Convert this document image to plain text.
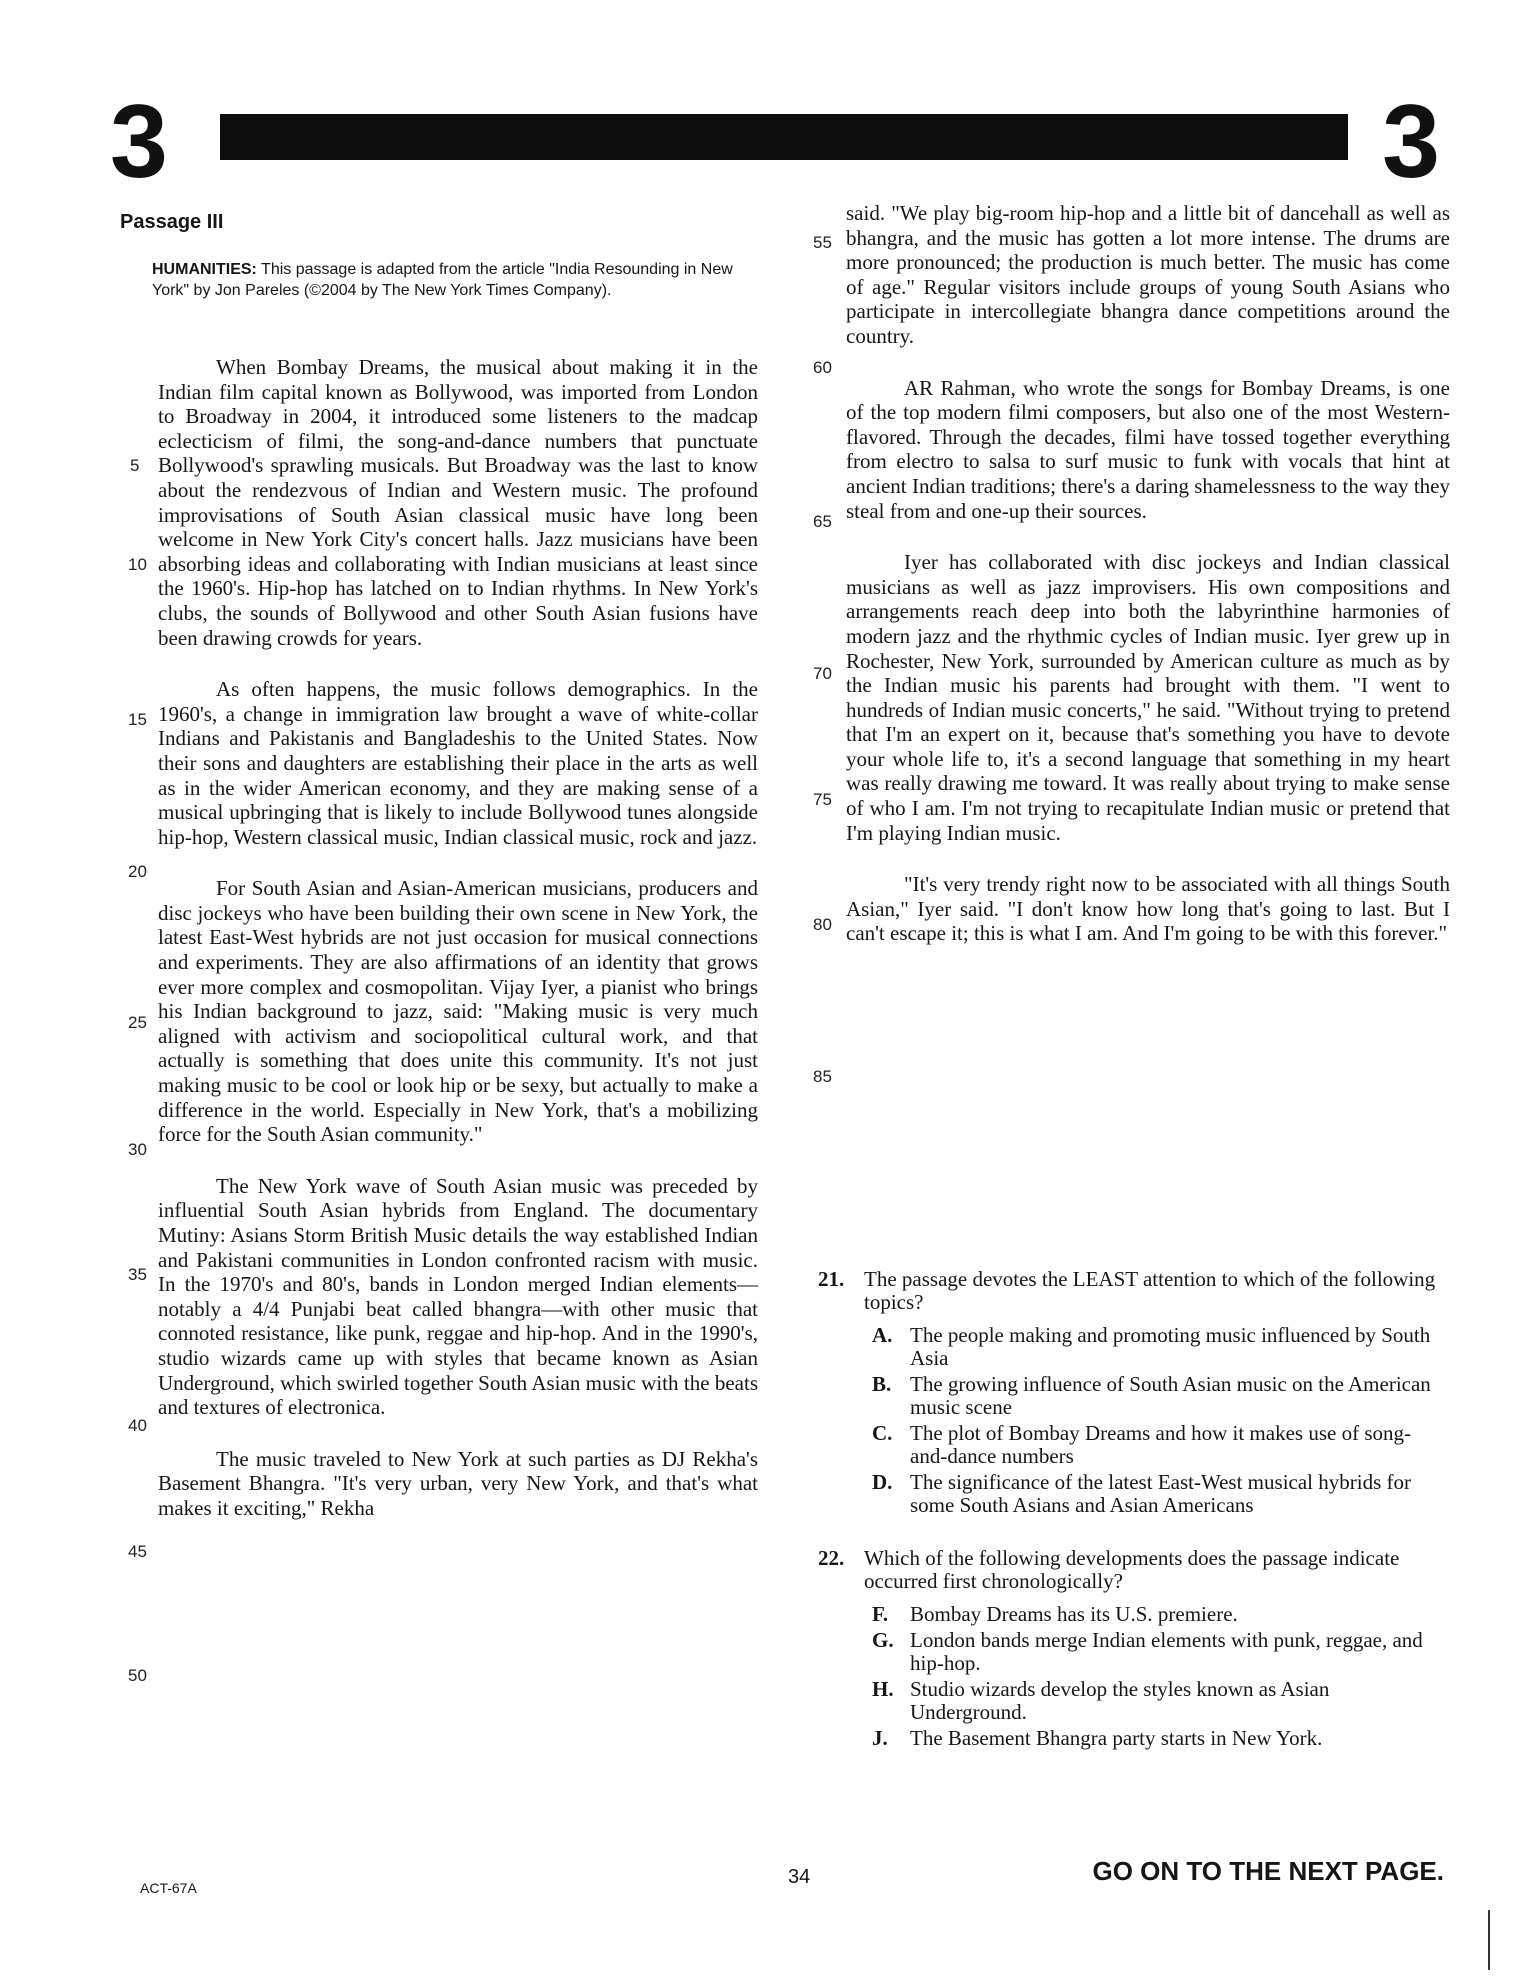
3	3
Passage III
HUMANITIES: This passage is adapted from the article "India Resounding in New York" by Jon Pareles (©2004 by The New York Times Company).

When Bombay Dreams, the musical about making it in the Indian film capital known as Bollywood, was imported from London to Broadway in 2004, it introduced some listeners to the madcap eclecticism of filmi, the song-and-dance numbers that punctuate Bollywood's sprawling musicals. But Broadway was the last to know about the rendezvous of Indian and Western music. The profound improvisations of South Asian classical music have long been welcome in New York City's concert halls. Jazz musicians have been absorbing ideas and collaborating with Indian musicians at least since the 1960's. Hip-hop has latched on to Indian rhythms. In New York's clubs, the sounds of Bollywood and other South Asian fusions have been drawing crowds for years.

As often happens, the music follows demographics. In the 1960's, a change in immigration law brought a wave of white-collar Indians and Pakistanis and Bangladeshis to the United States. Now their sons and daughters are establishing their place in the arts as well as in the wider American economy, and they are making sense of a musical upbringing that is likely to include Bollywood tunes alongside hip-hop, Western classical music, Indian classical music, rock and jazz.

For South Asian and Asian-American musicians, producers and disc jockeys who have been building their own scene in New York, the latest East-West hybrids are not just occasion for musical connections and experiments. They are also affirmations of an identity that grows ever more complex and cosmopolitan. Vijay Iyer, a pianist who brings his Indian background to jazz, said: "Making music is very much aligned with activism and sociopolitical cultural work, and that actually is something that does unite this community. It's not just making music to be cool or look hip or be sexy, but actually to make a difference in the world. Especially in New York, that's a mobilizing force for the South Asian community."

The New York wave of South Asian music was preceded by influential South Asian hybrids from England. The documentary Mutiny: Asians Storm British Music details the way established Indian and Pakistani communities in London confronted racism with music. In the 1970's and 80's, bands in London merged Indian elements—notably a 4/4 Punjabi beat called bhangra—with other music that connoted resistance, like punk, reggae and hip-hop. And in the 1990's, studio wizards came up with styles that became known as Asian Underground, which swirled together South Asian music with the beats and textures of electronica.

The music traveled to New York at such parties as DJ Rekha's Basement Bhangra. "It's very urban, very New York, and that's what makes it exciting," Rekha

said. "We play big-room hip-hop and a little bit of dancehall as well as bhangra, and the music has gotten a lot more intense. The drums are more pronounced; the production is much better. The music has come of age." Regular visitors include groups of young South Asians who participate in intercollegiate bhangra dance competitions around the country.

AR Rahman, who wrote the songs for Bombay Dreams, is one of the top modern filmi composers, but also one of the most Western-flavored. Through the decades, filmi have tossed together everything from electro to salsa to surf music to funk with vocals that hint at ancient Indian traditions; there's a daring shamelessness to the way they steal from and one-up their sources.

Iyer has collaborated with disc jockeys and Indian classical musicians as well as jazz improvisers. His own compositions and arrangements reach deep into both the labyrinthine harmonies of modern jazz and the rhythmic cycles of Indian music. Iyer grew up in Rochester, New York, surrounded by American culture as much as by the Indian music his parents had brought with them. "I went to hundreds of Indian music concerts," he said. "Without trying to pretend that I'm an expert on it, because that's something you have to devote your whole life to, it's a second language that something in my heart was really drawing me toward. It was really about trying to make sense of who I am. I'm not trying to recapitulate Indian music or pretend that I'm playing Indian music.

"It's very trendy right now to be associated with all things South Asian," Iyer said. "I don't know how long that's going to last. But I can't escape it; this is what I am. And I'm going to be with this forever."

5
10
15
20
25
30
35
40
45
50
55
60
65
70
75
80
85
21. The passage devotes the LEAST attention to which of the following topics?
A. The people making and promoting music influenced by South Asia
B. The growing influence of South Asian music on the American music scene
C. The plot of Bombay Dreams and how it makes use of song-and-dance numbers
D. The significance of the latest East-West musical hybrids for some South Asians and Asian Americans
22. Which of the following developments does the passage indicate occurred first chronologically?
F.	Bombay Dreams has its U.S. premiere.
G. London bands merge Indian elements with punk, reggae, and hip-hop.
H. Studio wizards develop the styles known as Asian Underground.
J.	The Basement Bhangra party starts in New York.
ACT-67A	34	GO ON TO THE NEXT PAGE.
